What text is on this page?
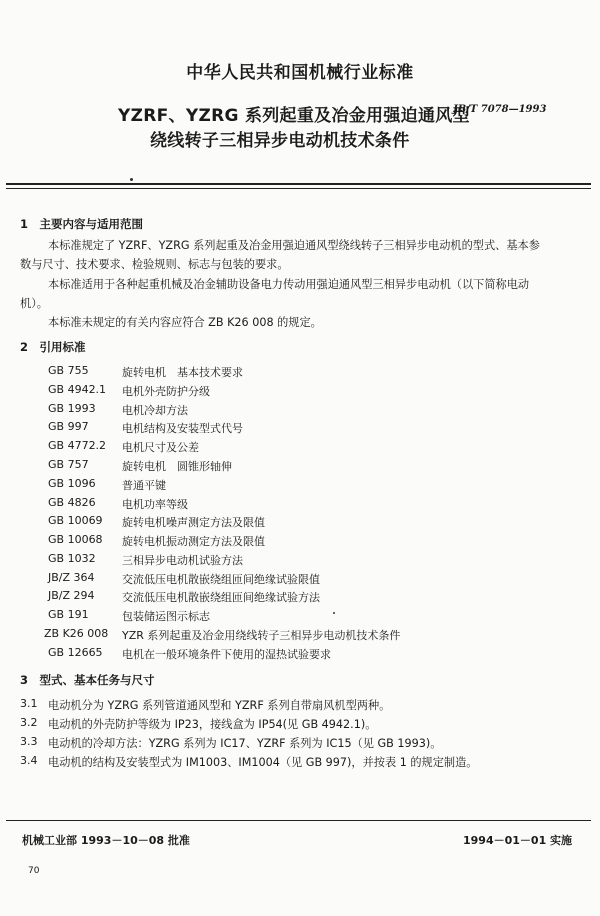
中华人民共和国机械行业标准
YZRF、YZRG 系列起重及冶金用强迫通风型
绕线转子三相异步电动机技术条件
JB/T 7078—1993
1　 主要内容与适用范围
本标准规定了 YZRF、YZRG 系列起重及冶金用强迫通风型绕线转子三相异步电动机的型式、基本参
数与尺寸、技术要求、检验规则、标志与包装的要求。
本标准适用于各种起重机械及冶金辅助设备电力传动用强迫通风型三相异步电动机（以下简称电动
机）。
本标准未规定的有关内容应符合 ZB K26 008 的规定。
2　 引用标准
GB 755	旋转电机　基本技术要求
GB 4942.1 电机外壳防护分级
GB 1993 电机冷却方法
GB 997	电机结构及安装型式代号
GB 4772.2 电机尺寸及公差
GB 757	旋转电机　圆锥形轴伸
GB 1096 普通平键
GB 4826 电机功率等级
GB 10069 旋转电机噪声测定方法及限值
GB 10068 旋转电机振动测定方法及限值
GB 1032 三相异步电动机试验方法
JB/Z 364 交流低压电机散嵌绕组匝间绝缘试验限值
JB/Z 294 交流低压电机散嵌绕组匝间绝缘试验方法
GB 191	包装储运图示标志
ZB K26 008 YZR 系列起重及冶金用绕线转子三相异步电动机技术条件
GB 12665 电机在一般环境条件下使用的湿热试验要求
3　 型式、基本任务与尺寸
3.1 电动机分为 YZRG 系列管道通风型和 YZRF 系列自带扇风机型两种。
3.2 电动机的外壳防护等级为 IP23，接线盒为 IP54(见 GB 4942.1)。
3.3 电动机的冷却方法：YZRG 系列为 IC17、YZRF 系列为 IC15（见 GB 1993)。
3.4 电动机的结构及安装型式为 IM1003、IM1004（见 GB 997)，并按表 1 的规定制造。
机械工业部 1993－10－08 批准	1994－01－01 实施
70
